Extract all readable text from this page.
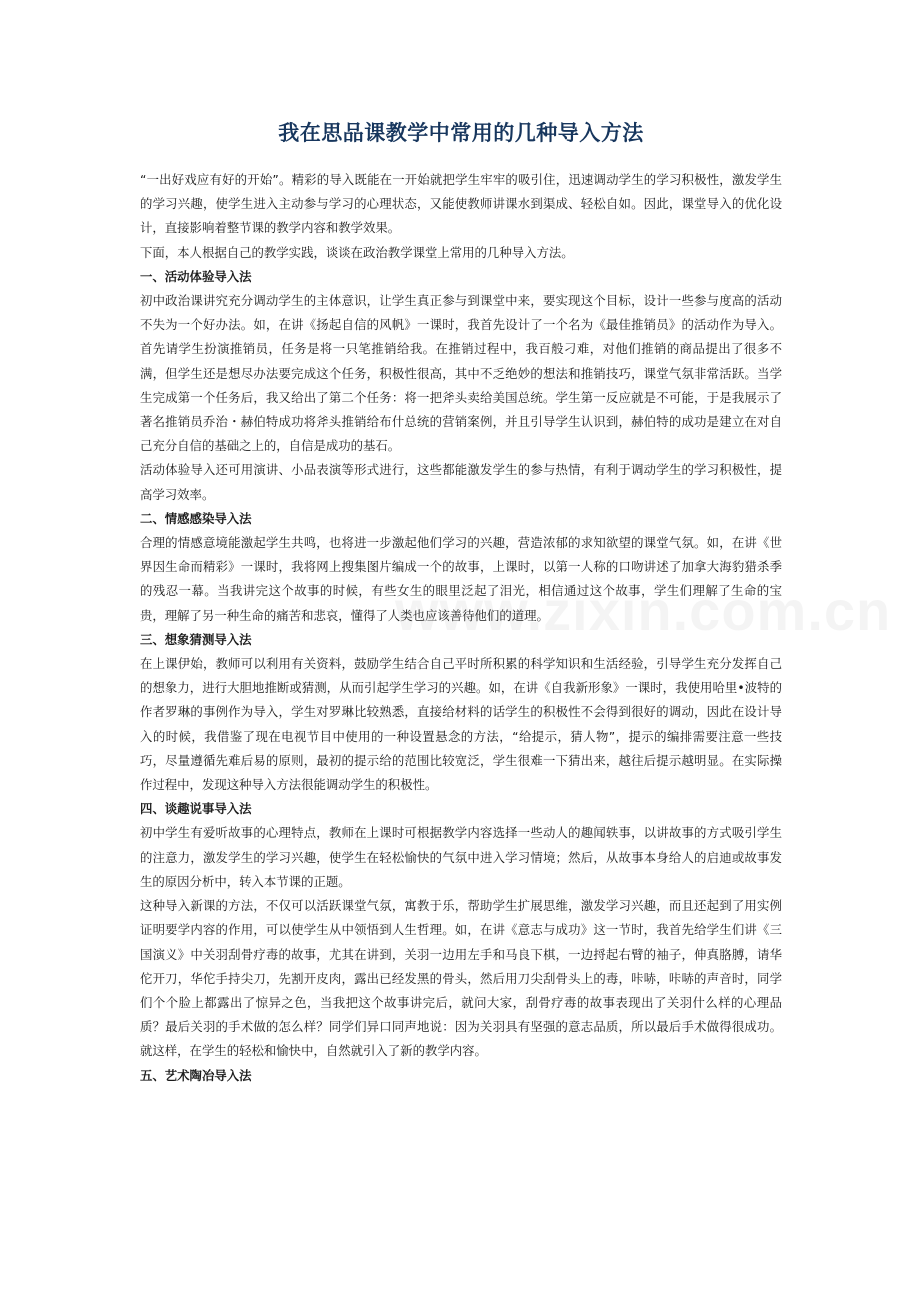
我在思品课教学中常用的几种导入方法

“一出好戏应有好的开始”。精彩的导入既能在一开始就把学生牢牢的吸引住，迅速调动学生的学习积极性，激发学生的学习兴趣，使学生进入主动参与学习的心理状态，又能使教师讲课水到渠成、轻松自如。因此，课堂导入的优化设计，直接影响着整节课的教学内容和教学效果。

下面，本人根据自己的教学实践，谈谈在政治教学课堂上常用的几种导入方法。

一、活动体验导入法

初中政治课讲究充分调动学生的主体意识，让学生真正参与到课堂中来，要实现这个目标，设计一些参与度高的活动不失为一个好办法。如，在讲《扬起自信的风帆》一课时，我首先设计了一个名为《最佳推销员》的活动作为导入。首先请学生扮演推销员，任务是将一只笔推销给我。在推销过程中，我百般刁难，对他们推销的商品提出了很多不满，但学生还是想尽办法要完成这个任务，积极性很高，其中不乏绝妙的想法和推销技巧，课堂气氛非常活跃。当学生完成第一个任务后，我又给出了第二个任务：将一把斧头卖给美国总统。学生第一反应就是不可能，于是我展示了著名推销员乔治・赫伯特成功将斧头推销给布什总统的营销案例，并且引导学生认识到，赫伯特的成功是建立在对自己充分自信的基础之上的，自信是成功的基石。

活动体验导入还可用演讲、小品表演等形式进行，这些都能激发学生的参与热情，有利于调动学生的学习积极性，提高学习效率。

二、情感感染导入法

合理的情感意境能激起学生共鸣，也将进一步激起他们学习的兴趣，营造浓郁的求知欲望的课堂气氛。如，在讲《世界因生命而精彩》一课时，我将网上搜集图片编成一个的故事，上课时，以第一人称的口吻讲述了加拿大海豹猎杀季的残忍一幕。当我讲完这个故事的时候，有些女生的眼里泛起了泪光，相信通过这个故事，学生们理解了生命的宝贵，理解了另一种生命的痛苦和悲哀，懂得了人类也应该善待他们的道理。

三、想象猜测导入法

在上课伊始，教师可以利用有关资料，鼓励学生结合自己平时所积累的科学知识和生活经验，引导学生充分发挥自己的想象力，进行大胆地推断或猜测，从而引起学生学习的兴趣。如，在讲《自我新形象》一课时，我使用哈里•波特的作者罗琳的事例作为导入，学生对罗琳比较熟悉，直接给材料的话学生的积极性不会得到很好的调动，因此在设计导入的时候，我借鉴了现在电视节目中使用的一种设置悬念的方法，“给提示，猜人物”，提示的编排需要注意一些技巧，尽量遵循先难后易的原则，最初的提示给的范围比较宽泛，学生很难一下猜出来，越往后提示越明显。在实际操作过程中，发现这种导入方法很能调动学生的积极性。

四、谈趣说事导入法

初中学生有爱听故事的心理特点，教师在上课时可根据教学内容选择一些动人的趣闻轶事，以讲故事的方式吸引学生的注意力，激发学生的学习兴趣，使学生在轻松愉快的气氛中进入学习情境；然后，从故事本身给人的启迪或故事发生的原因分析中，转入本节课的正题。

这种导入新课的方法，不仅可以活跃课堂气氛，寓教于乐，帮助学生扩展思维，激发学习兴趣，而且还起到了用实例证明要学内容的作用，可以使学生从中领悟到人生哲理。如，在讲《意志与成功》这一节时，我首先给学生们讲《三国演义》中关羽刮骨疗毒的故事，尤其在讲到，关羽一边用左手和马良下棋，一边捋起右臂的袖子，伸真胳膊，请华佗开刀，华佗手持尖刀，先割开皮肉，露出已经发黑的骨头，然后用刀尖刮骨头上的毒，咔哧，咔哧的声音时，同学们个个脸上都露出了惊异之色，当我把这个故事讲完后，就问大家，刮骨疗毒的故事表现出了关羽什么样的心理品质？最后关羽的手术做的怎么样？同学们异口同声地说：因为关羽具有坚强的意志品质，所以最后手术做得很成功。就这样，在学生的轻松和愉快中，自然就引入了新的教学内容。

五、艺术陶冶导入法
